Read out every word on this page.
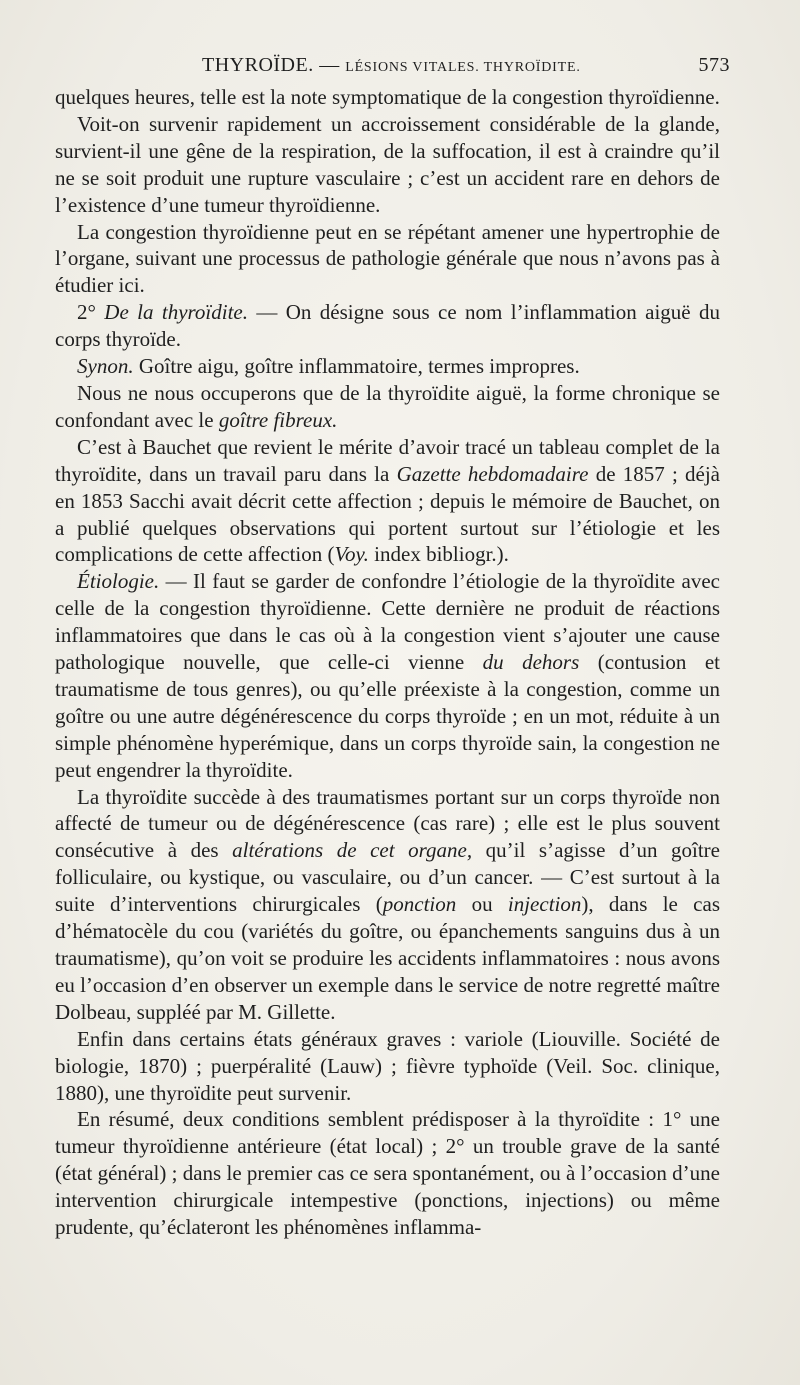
THYROÏDE. — LÉSIONS VITALES. THYROÏDITE.	573

quelques heures, telle est la note symptomatique de la congestion thyroïdienne.

Voit-on survenir rapidement un accroissement considérable de la glande, survient-il une gêne de la respiration, de la suffocation, il est à craindre qu’il ne se soit produit une rupture vasculaire ; c’est un accident rare en dehors de l’existence d’une tumeur thyroïdienne.

La congestion thyroïdienne peut en se répétant amener une hypertrophie de l’organe, suivant une processus de pathologie générale que nous n’avons pas à étudier ici.

2° De la thyroïdite. — On désigne sous ce nom l’inflammation aiguë du corps thyroïde.

Synon. Goître aigu, goître inflammatoire, termes impropres.

Nous ne nous occuperons que de la thyroïdite aiguë, la forme chronique se confondant avec le goître fibreux.

C’est à Bauchet que revient le mérite d’avoir tracé un tableau complet de la thyroïdite, dans un travail paru dans la Gazette hebdomadaire de 1857 ; déjà en 1853 Sacchi avait décrit cette affection ; depuis le mémoire de Bauchet, on a publié quelques observations qui portent surtout sur l’étiologie et les complications de cette affection (Voy. index bibliogr.).

Étiologie. — Il faut se garder de confondre l’étiologie de la thyroïdite avec celle de la congestion thyroïdienne. Cette dernière ne produit de réactions inflammatoires que dans le cas où à la congestion vient s’ajouter une cause pathologique nouvelle, que celle-ci vienne du dehors (contusion et traumatisme de tous genres), ou qu’elle préexiste à la congestion, comme un goître ou une autre dégénérescence du corps thyroïde ; en un mot, réduite à un simple phénomène hyperémique, dans un corps thyroïde sain, la congestion ne peut engendrer la thyroïdite.

La thyroïdite succède à des traumatismes portant sur un corps thyroïde non affecté de tumeur ou de dégénérescence (cas rare) ; elle est le plus souvent consécutive à des altérations de cet organe, qu’il s’agisse d’un goître folliculaire, ou kystique, ou vasculaire, ou d’un cancer. — C’est surtout à la suite d’interventions chirurgicales (ponction ou injection), dans le cas d’hématocèle du cou (variétés du goître, ou épanchements sanguins dus à un traumatisme), qu’on voit se produire les accidents inflammatoires : nous avons eu l’occasion d’en observer un exemple dans le service de notre regretté maître Dolbeau, suppléé par M. Gillette.

Enfin dans certains états généraux graves : variole (Liouville. Société de biologie, 1870) ; puerpéralité (Lauw) ; fièvre typhoïde (Veil. Soc. clinique, 1880), une thyroïdite peut survenir.

En résumé, deux conditions semblent prédisposer à la thyroïdite : 1° une tumeur thyroïdienne antérieure (état local) ; 2° un trouble grave de la santé (état général) ; dans le premier cas ce sera spontanément, ou à l’occasion d’une intervention chirurgicale intempestive (ponctions, injections) ou même prudente, qu’éclateront les phénomènes inflamma-
